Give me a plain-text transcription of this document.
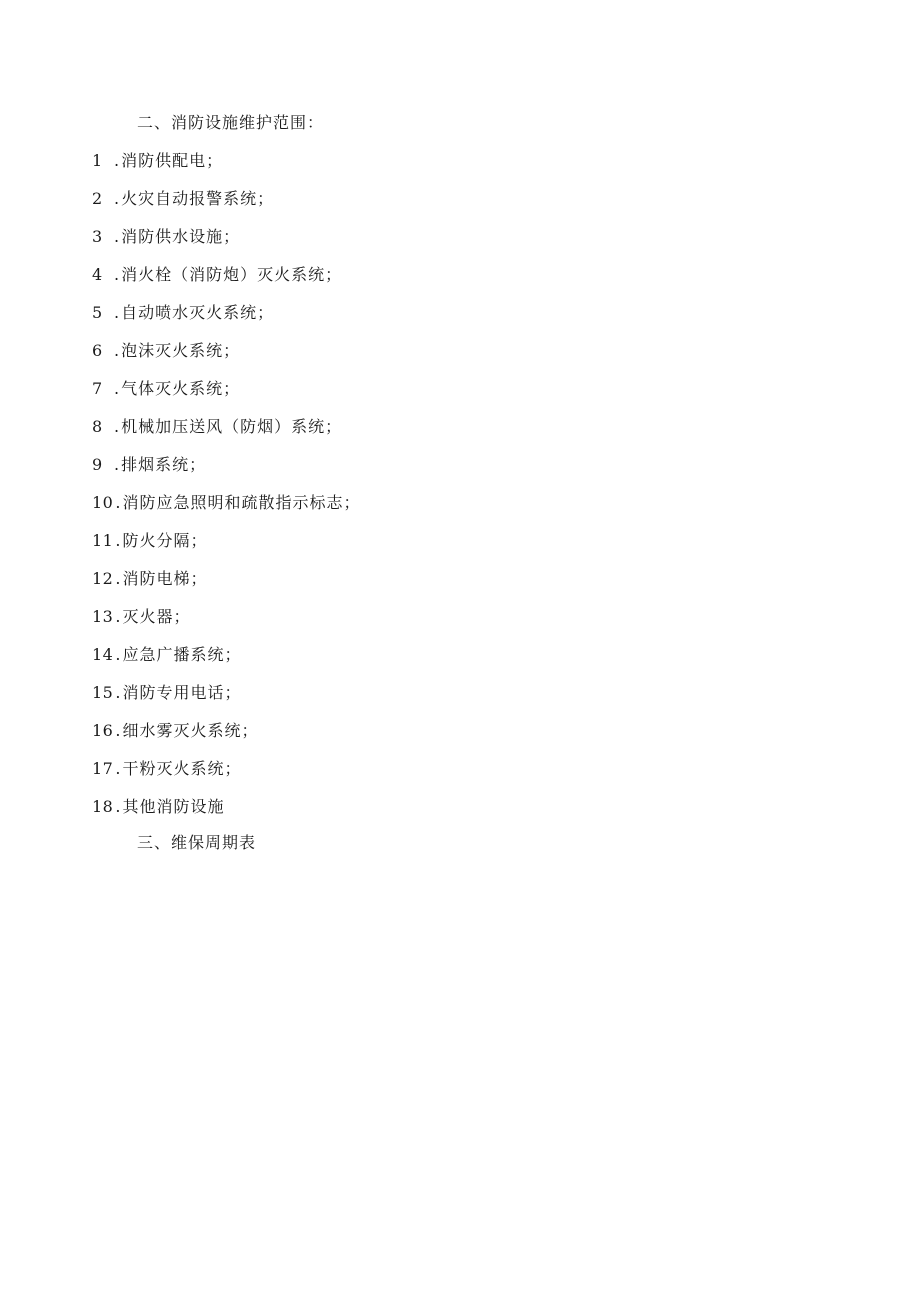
二、消防设施维护范围：
1 . 消防供配电；
2 . 火灾自动报警系统；
3 . 消防供水设施；
4 . 消火栓（消防炮）灭火系统；
5 . 自动喷水灭火系统；
6 . 泡沫灭火系统；
7 . 气体灭火系统；
8 . 机械加压送风（防烟）系统；
9 . 排烟系统；
10 . 消防应急照明和疏散指示标志；
11 . 防火分隔；
12 . 消防电梯；
13 . 灭火器；
14 . 应急广播系统；
15 . 消防专用电话；
16 . 细水雾灭火系统；
17 . 干粉灭火系统；
18 . 其他消防设施
三、维保周期表
